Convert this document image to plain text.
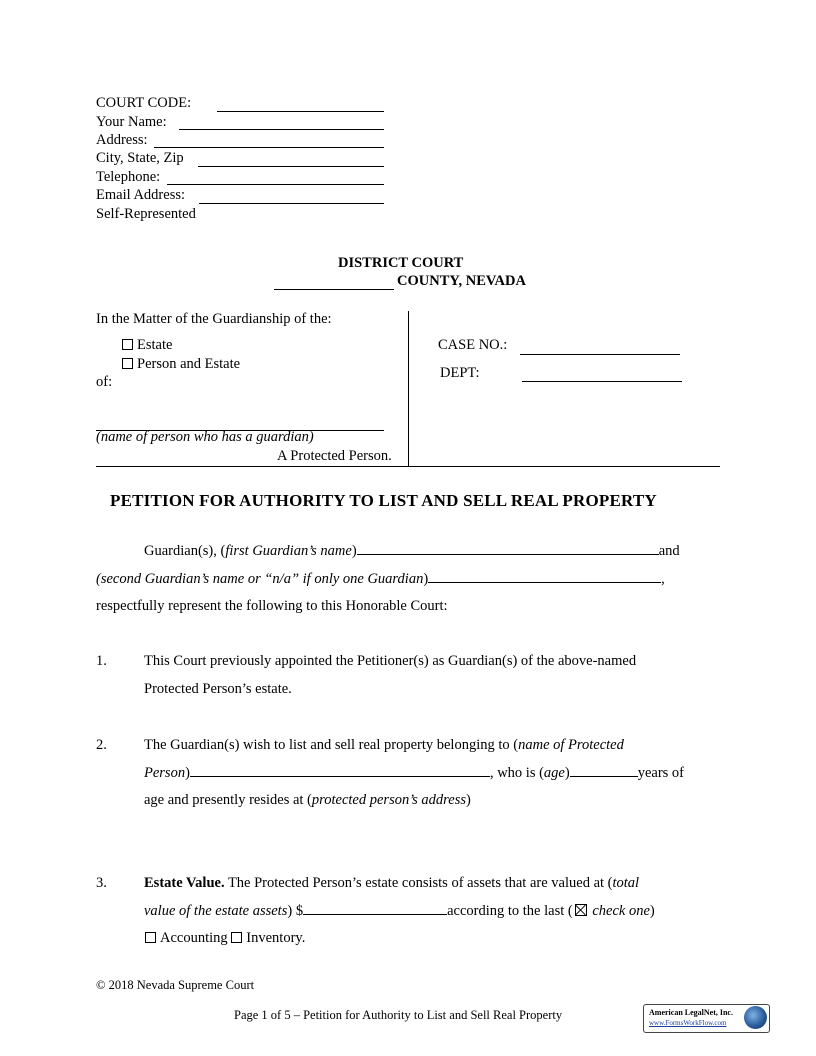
COURT CODE:
Your Name:
Address:
City, State, Zip
Telephone:
Email Address:
Self-Represented
DISTRICT COURT
COUNTY, NEVADA
In the Matter of the Guardianship of the:
Estate
Person and Estate
of:
(name of person who has a guardian)
A Protected Person.
CASE NO.:
DEPT:
PETITION FOR AUTHORITY TO LIST AND SELL REAL PROPERTY
Guardian(s), (first Guardian’s name)	and
(second Guardian’s name or “n/a” if only one Guardian)	,
respectfully represent the following to this Honorable Court:
1.	This Court previously appointed the Petitioner(s) as Guardian(s) of the above-named
Protected Person’s estate.
2.	The Guardian(s) wish to list and sell real property belonging to (name of Protected
Person)	, who is (age)	years of
age and presently resides at (protected person’s address)
3.	Estate Value. The Protected Person’s estate consists of assets that are valued at (total
value of the estate assets) $	according to the last ( check one)
Accounting Inventory.
© 2018 Nevada Supreme Court
Page 1 of 5 – Petition for Authority to List and Sell Real Property	American LegalNet, Inc.
www.FormsWorkFlow.com
